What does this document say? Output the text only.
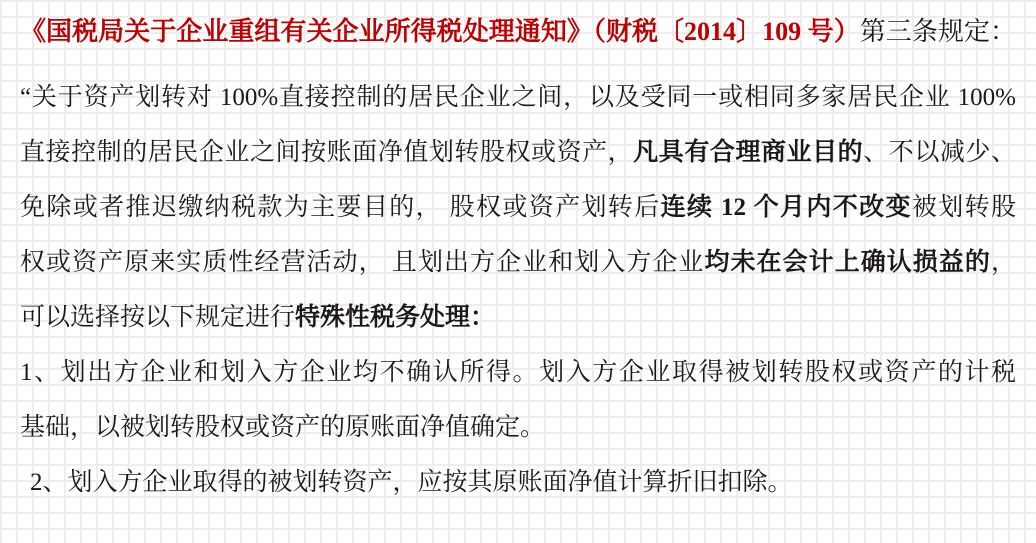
《国税局关于企业重组有关企业所得税处理通知》（财税〔2014〕109 号）第三条规定：
“关于资产划转对 100%直接控制的居民企业之间，以及受同一或相同多家居民企业 100%
直接控制的居民企业之间按账面净值划转股权或资产，凡具有合理商业目的、不以减少、
免除或者推迟缴纳税款为主要目的， 股权或资产划转后连续 12 个月内不改变被划转股
权或资产原来实质性经营活动， 且划出方企业和划入方企业均未在会计上确认损益的，
可以选择按以下规定进行特殊性税务处理：
1、划出方企业和划入方企业均不确认所得。划入方企业取得被划转股权或资产的计税
基础，以被划转股权或资产的原账面净值确定。
2、划入方企业取得的被划转资产，应按其原账面净值计算折旧扣除。
